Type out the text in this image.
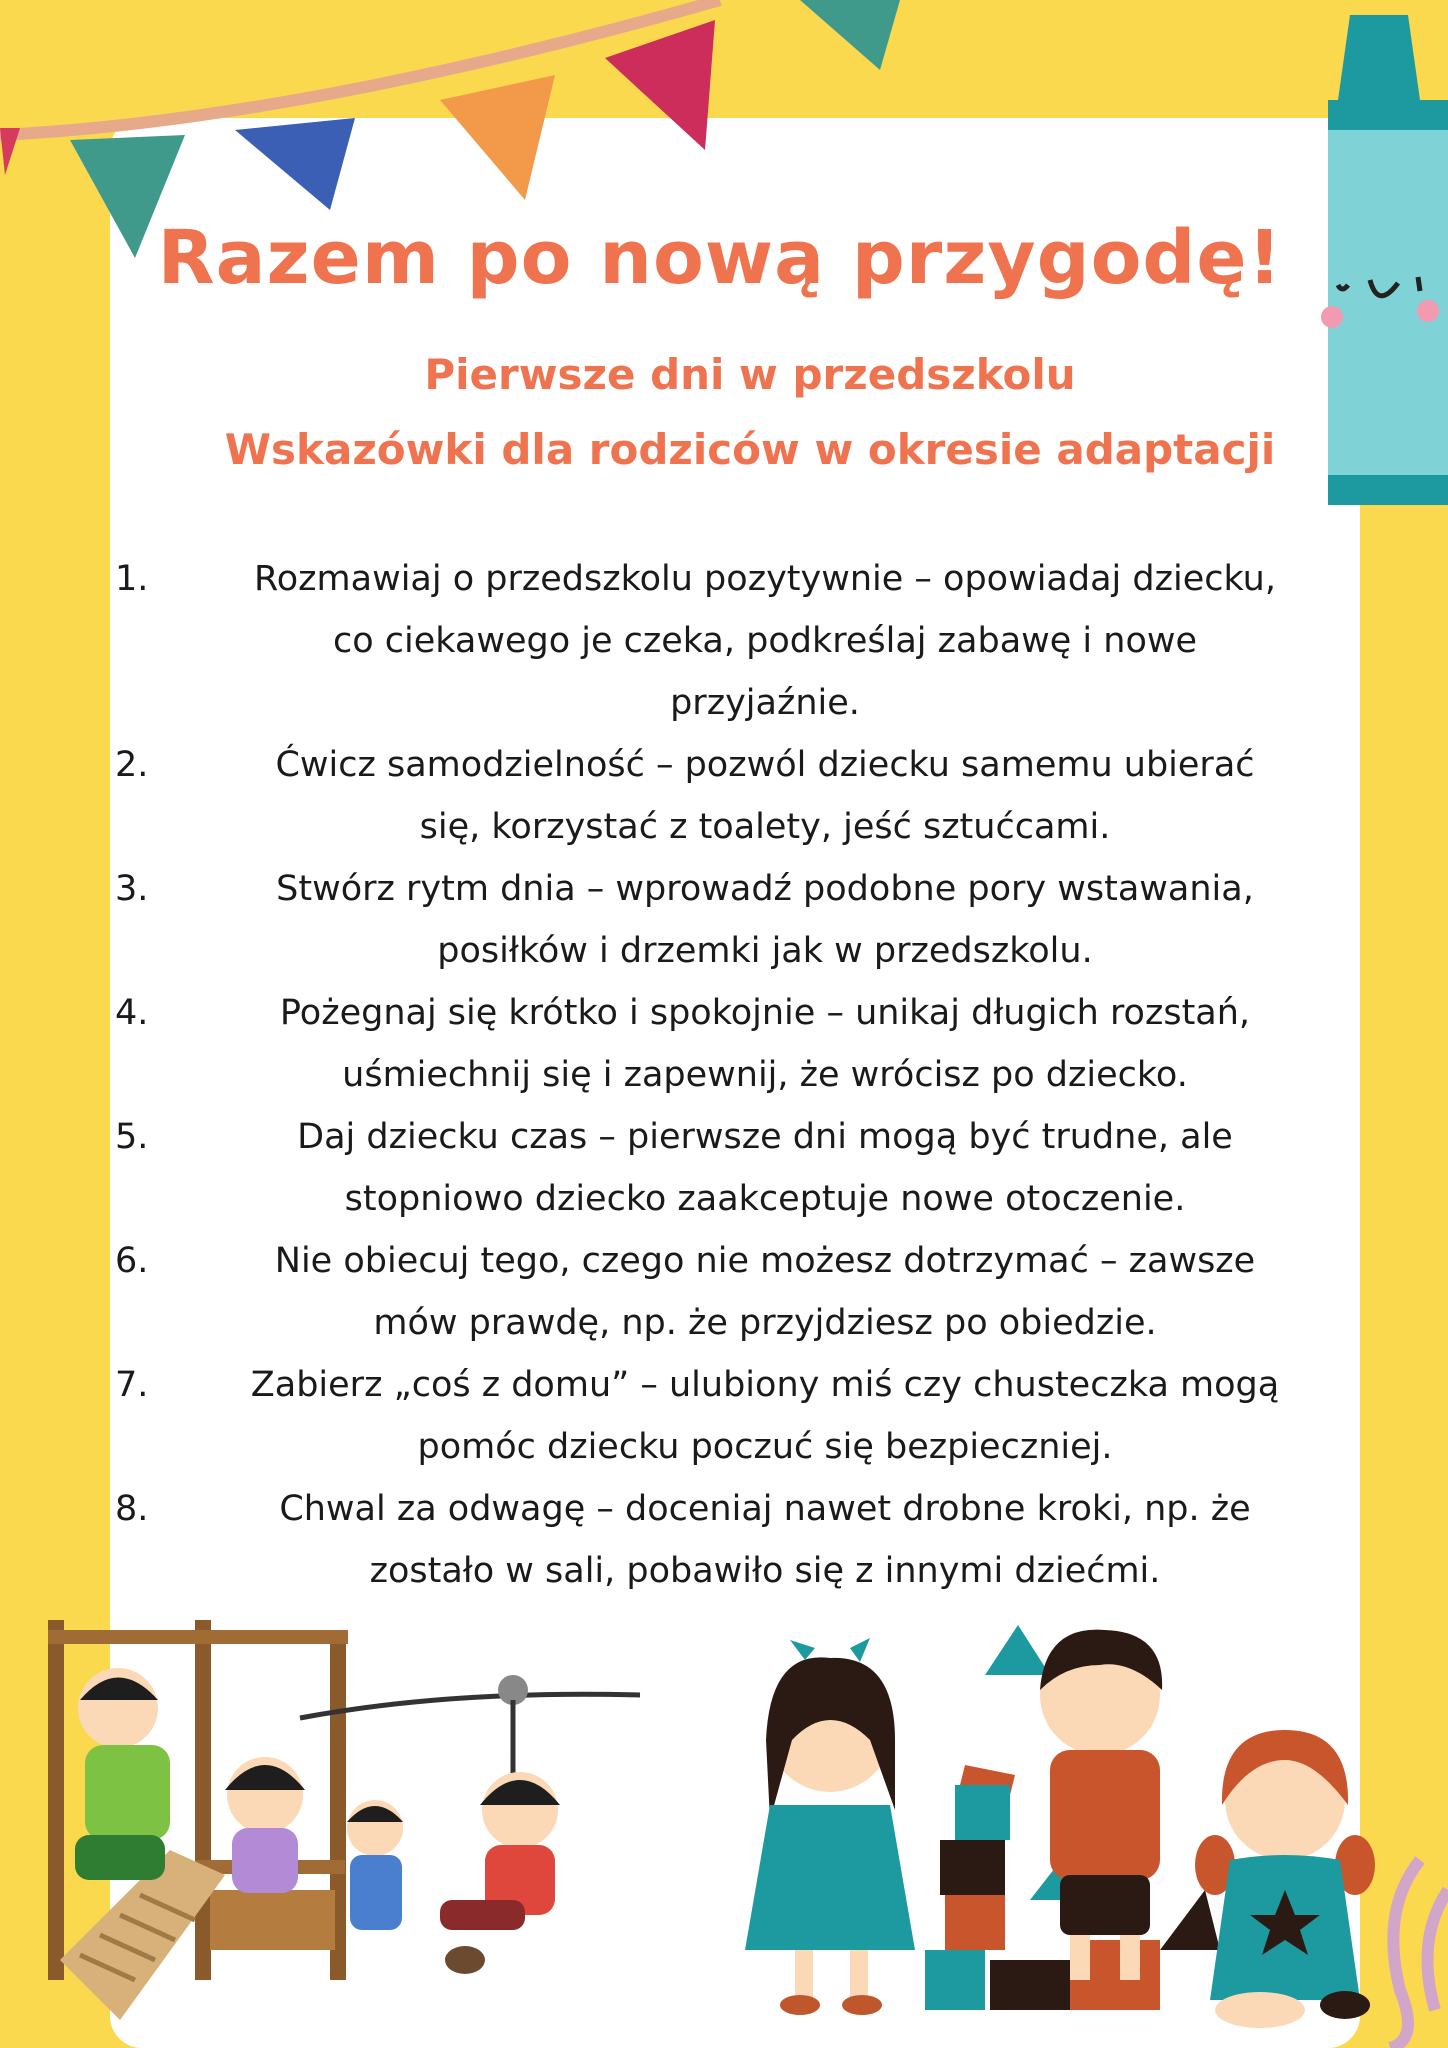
Razem po nową przygodę!
Pierwsze dni w przedszkolu
Wskazówki dla rodziców w okresie adaptacji
1.	Rozmawiaj o przedszkolu pozytywnie – opowiadaj dziecku, co ciekawego je czeka, podkreślaj zabawę i nowe przyjaźnie.
2.	Ćwicz samodzielność – pozwól dziecku samemu ubierać się, korzystać z toalety, jeść sztućcami.
3.	Stwórz rytm dnia – wprowadź podobne pory wstawania, posiłków i drzemki jak w przedszkolu.
4.	Pożegnaj się krótko i spokojnie – unikaj długich rozstań, uśmiechnij się i zapewnij, że wrócisz po dziecko.
5.	Daj dziecku czas – pierwsze dni mogą być trudne, ale stopniowo dziecko zaakceptuje nowe otoczenie.
6.	Nie obiecuj tego, czego nie możesz dotrzymać – zawsze mów prawdę, np. że przyjdziesz po obiedzie.
7.	Zabierz „coś z domu” – ulubiony miś czy chusteczka mogą pomóc dziecku poczuć się bezpieczniej.
8.	Chwal za odwagę – doceniaj nawet drobne kroki, np. że zostało w sali, pobawiło się z innymi dziećmi.
